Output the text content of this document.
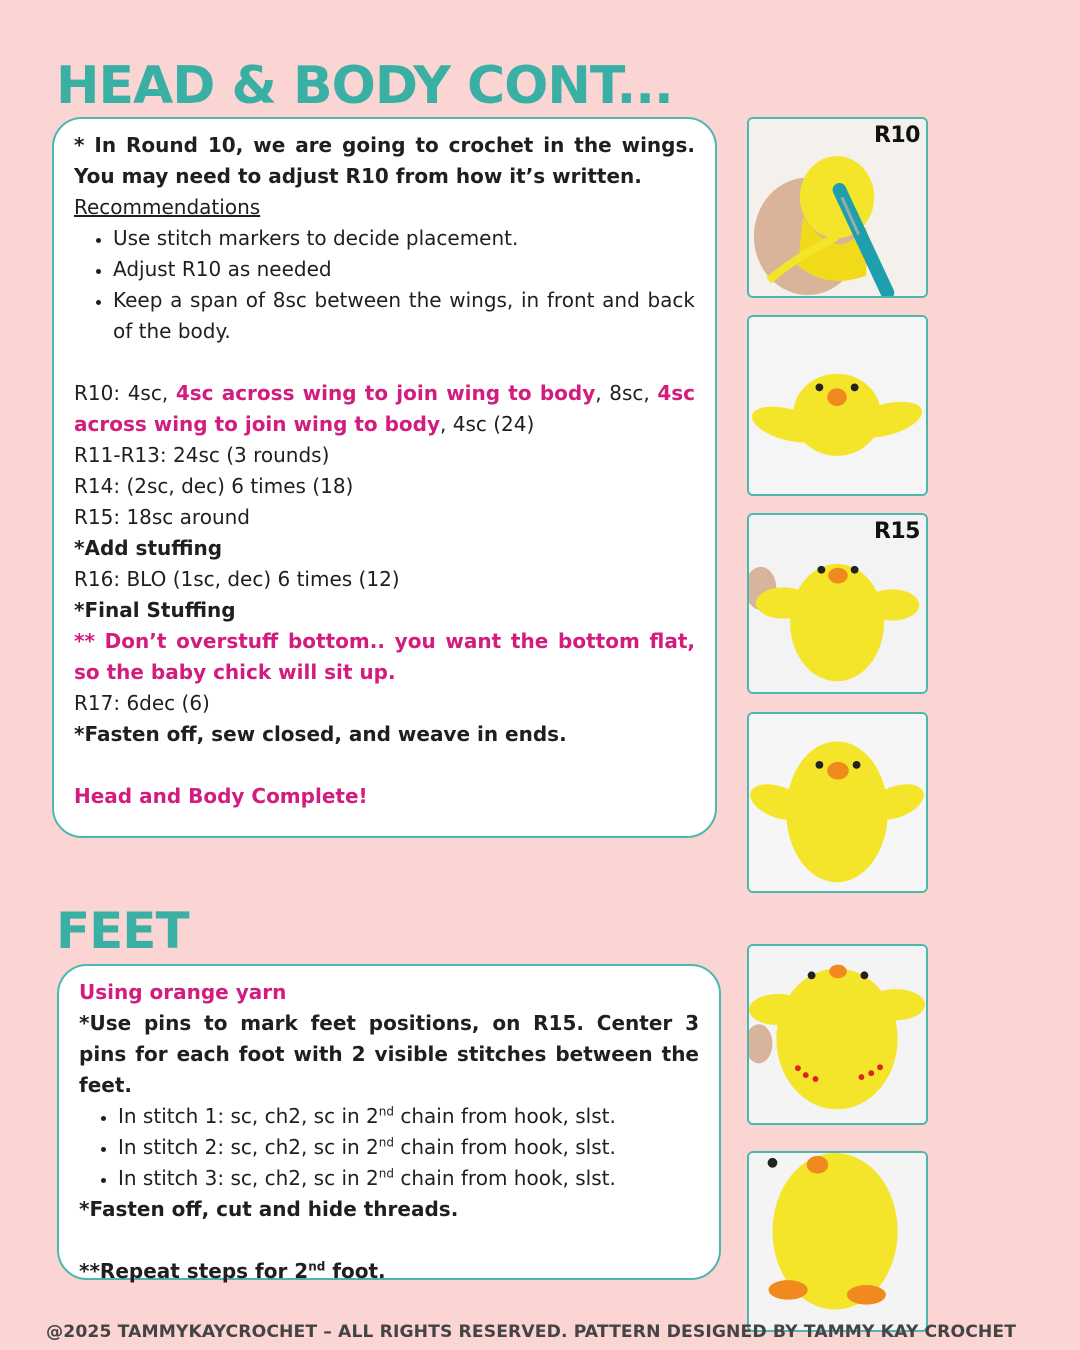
HEAD & BODY CONT...
* In Round 10, we are going to crochet in the wings. You may need to adjust R10 from how it’s written.
Recommendations
• Use stitch markers to decide placement.
• Adjust R10 as needed
• Keep a span of 8sc between the wings, in front and back of the body.
R10: 4sc, 4sc across wing to join wing to body, 8sc, 4sc across wing to join wing to body, 4sc (24)
R11-R13: 24sc (3 rounds)
R14: (2sc, dec) 6 times (18)
R15: 18sc around
*Add stuffing
R16: BLO (1sc, dec) 6 times (12)
*Final Stuffing
** Don’t overstuff bottom.. you want the bottom flat, so the baby chick will sit up.
R17: 6dec (6)
*Fasten off, sew closed, and weave in ends.
Head and Body Complete!
FEET
Using orange yarn
*Use pins to mark feet positions, on R15. Center 3 pins for each foot with 2 visible stitches between the feet.
• In stitch 1: sc, ch2, sc in 2nd chain from hook, slst.
• In stitch 2: sc, ch2, sc in 2nd chain from hook, slst.
• In stitch 3: sc, ch2, sc in 2nd chain from hook, slst.
*Fasten off, cut and hide threads.
**Repeat steps for 2nd foot.
R10
R15

@2025 TAMMYKAYCROCHET – ALL RIGHTS RESERVED. PATTERN DESIGNED BY TAMMY KAY CROCHET
